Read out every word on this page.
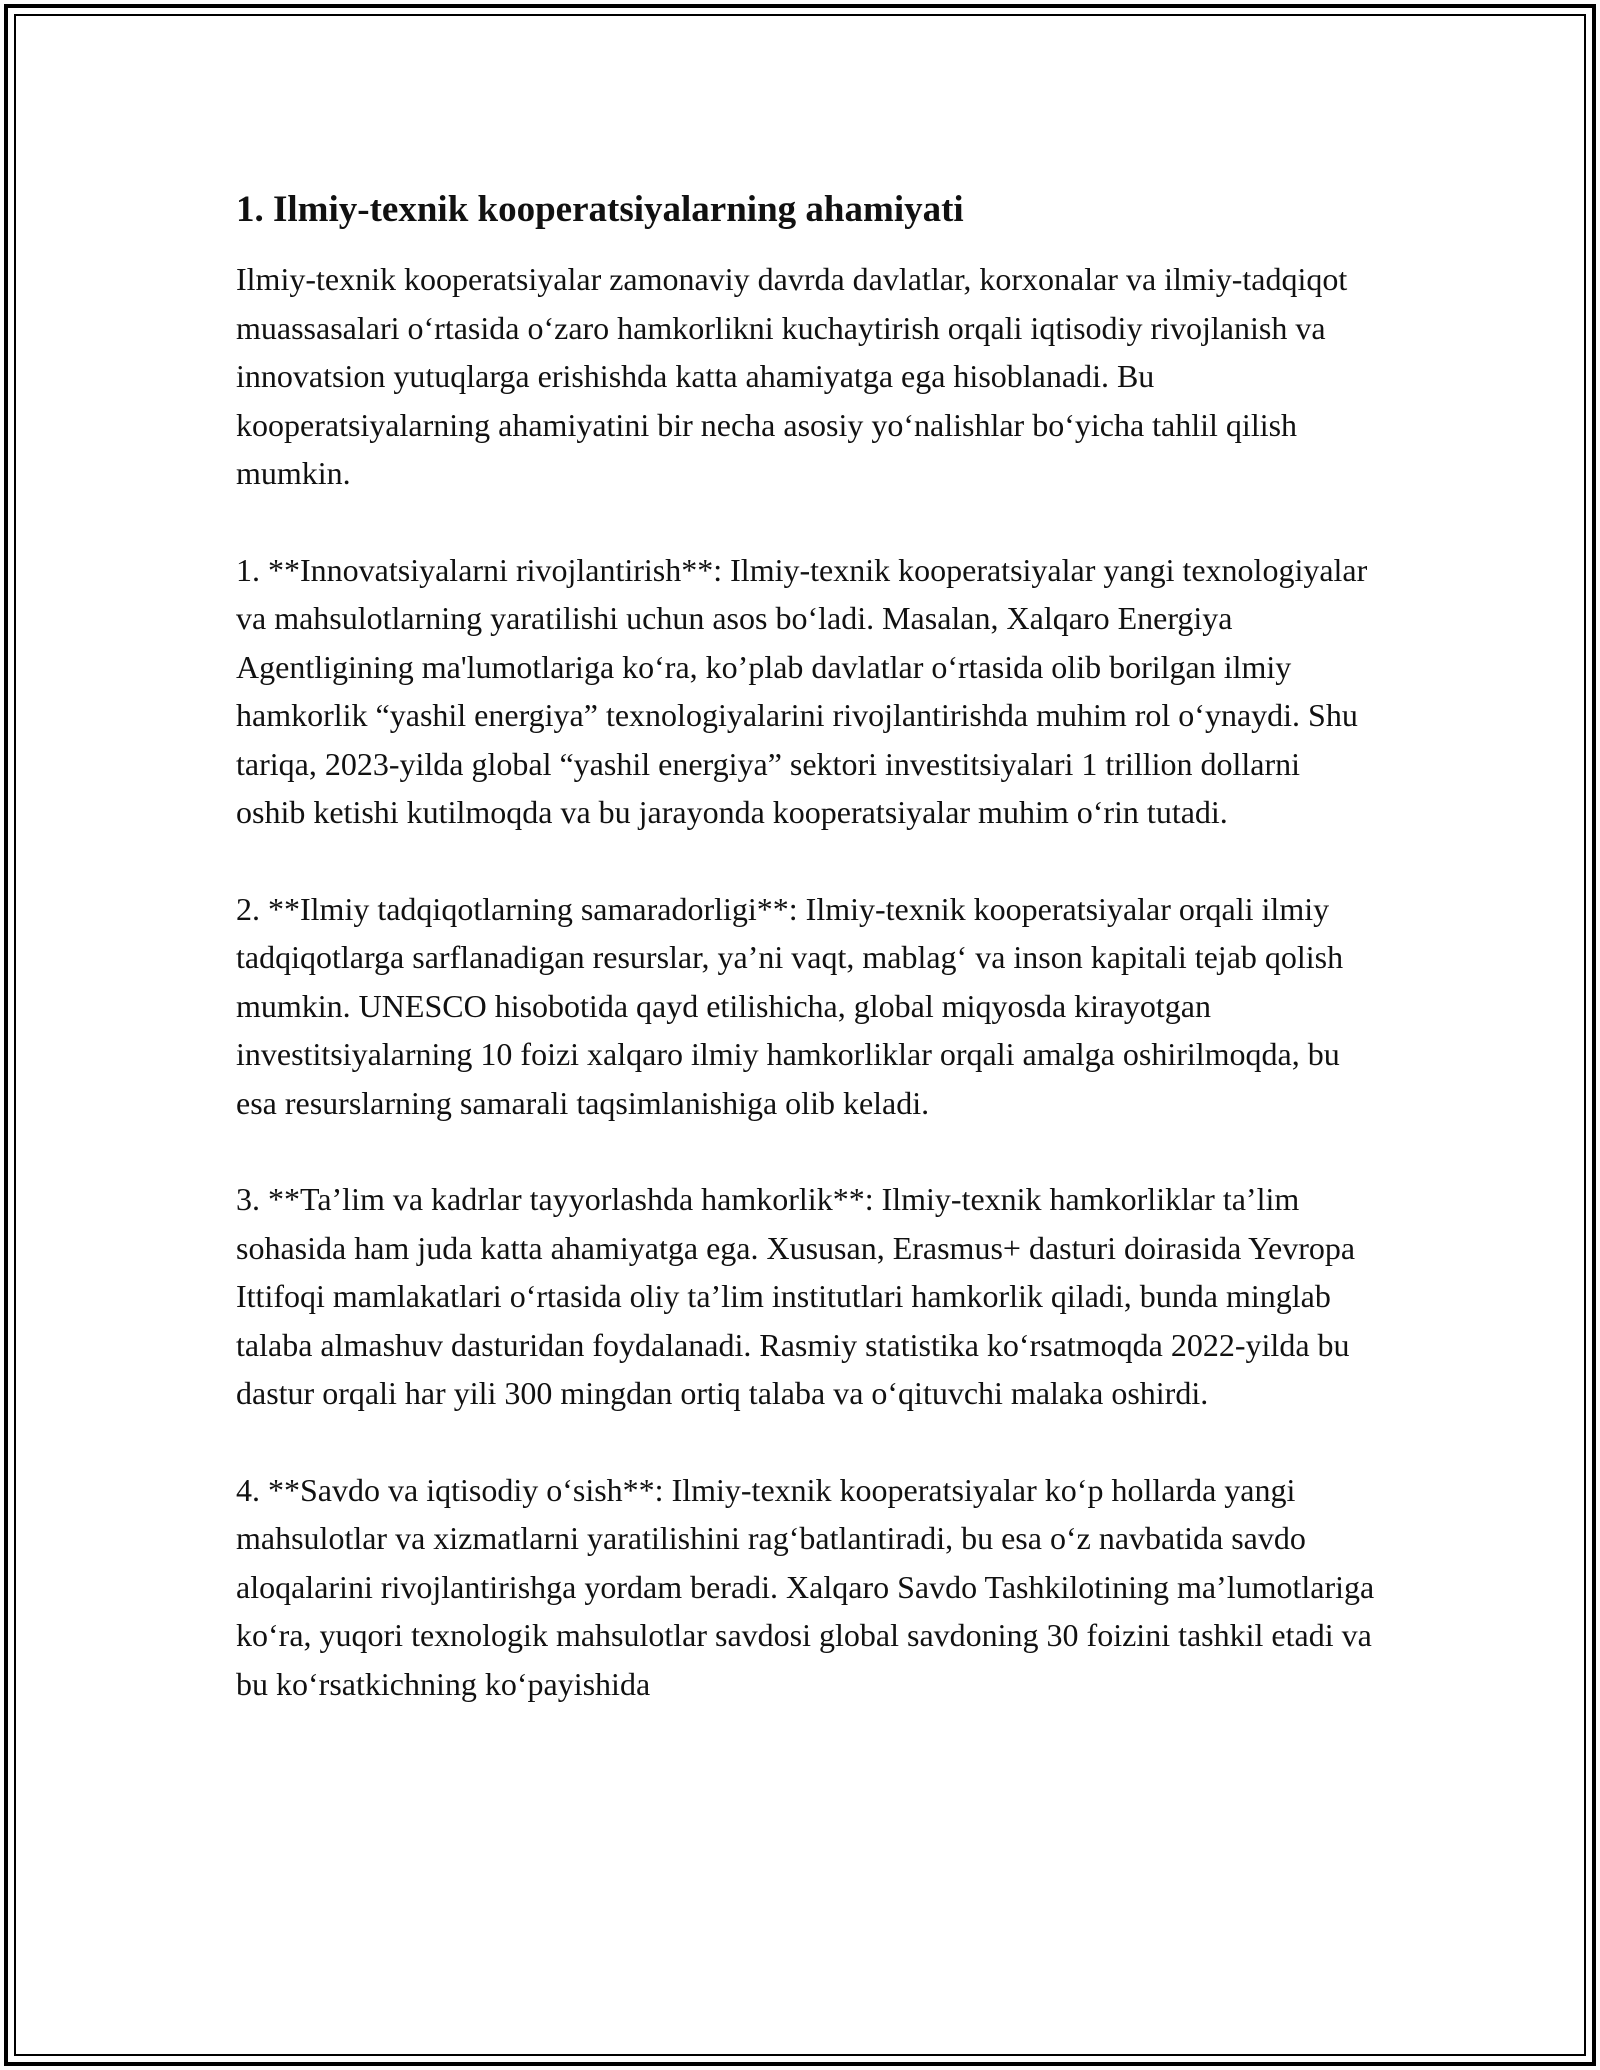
1. Ilmiy-texnik kooperatsiyalarning ahamiyati

Ilmiy-texnik kooperatsiyalar zamonaviy davrda davlatlar, korxonalar va ilmiy-tadqiqot muassasalari o‘rtasida o‘zaro hamkorlikni kuchaytirish orqali iqtisodiy rivojlanish va innovatsion yutuqlarga erishishda katta ahamiyatga ega hisoblanadi. Bu kooperatsiyalarning ahamiyatini bir necha asosiy yo‘nalishlar bo‘yicha tahlil qilish mumkin.

1. **Innovatsiyalarni rivojlantirish**: Ilmiy-texnik kooperatsiyalar yangi texnologiyalar va mahsulotlarning yaratilishi uchun asos bo‘ladi. Masalan, Xalqaro Energiya Agentligining ma'lumotlariga ko‘ra, ko’plab davlatlar o‘rtasida olib borilgan ilmiy hamkorlik “yashil energiya” texnologiyalarini rivojlantirishda muhim rol o‘ynaydi. Shu tariqa, 2023-yilda global “yashil energiya” sektori investitsiyalari 1 trillion dollarni oshib ketishi kutilmoqda va bu jarayonda kooperatsiyalar muhim o‘rin tutadi.

2. **Ilmiy tadqiqotlarning samaradorligi**: Ilmiy-texnik kooperatsiyalar orqali ilmiy tadqiqotlarga sarflanadigan resurslar, ya’ni vaqt, mablag‘ va inson kapitali tejab qolish mumkin. UNESCO hisobotida qayd etilishicha, global miqyosda kirayotgan investitsiyalarning 10 foizi xalqaro ilmiy hamkorliklar orqali amalga oshirilmoqda, bu esa resurslarning samarali taqsimlanishiga olib keladi.

3. **Ta’lim va kadrlar tayyorlashda hamkorlik**: Ilmiy-texnik hamkorliklar ta’lim sohasida ham juda katta ahamiyatga ega. Xususan, Erasmus+ dasturi doirasida Yevropa Ittifoqi mamlakatlari o‘rtasida oliy ta’lim institutlari hamkorlik qiladi, bunda minglab talaba almashuv dasturidan foydalanadi. Rasmiy statistika ko‘rsatmoqda 2022-yilda bu dastur orqali har yili 300 mingdan ortiq talaba va o‘qituvchi malaka oshirdi.

4. **Savdo va iqtisodiy o‘sish**: Ilmiy-texnik kooperatsiyalar ko‘p hollarda yangi mahsulotlar va xizmatlarni yaratilishini rag‘batlantiradi, bu esa o‘z navbatida savdo aloqalarini rivojlantirishga yordam beradi. Xalqaro Savdo Tashkilotining ma’lumotlariga ko‘ra, yuqori texnologik mahsulotlar savdosi global savdoning 30 foizini tashkil etadi va bu ko‘rsatkichning ko‘payishida
